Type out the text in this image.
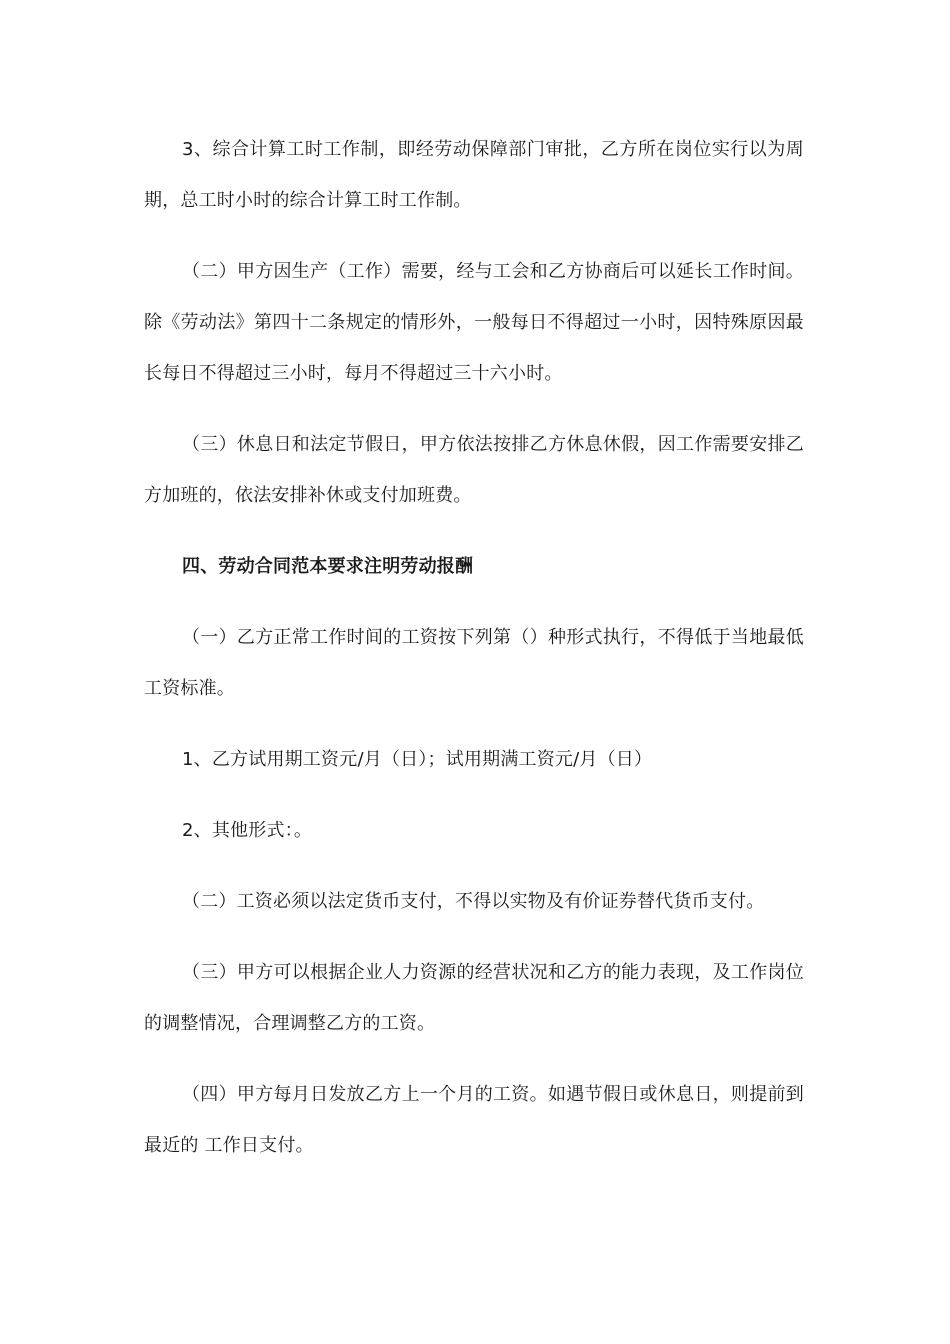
3、综合计算工时工作制，即经劳动保障部门审批，乙方所在岗位实行以为周期，总工时小时的综合计算工时工作制。

（二）甲方因生产（工作）需要，经与工会和乙方协商后可以延长工作时间。除《劳动法》第四十二条规定的情形外，一般每日不得超过一小时，因特殊原因最长每日不得超过三小时，每月不得超过三十六小时。

（三）休息日和法定节假日，甲方依法按排乙方休息休假，因工作需要安排乙方加班的，依法安排补休或支付加班费。

四、劳动合同范本要求注明劳动报酬

（一）乙方正常工作时间的工资按下列第（）种形式执行，不得低于当地最低工资标准。

1、乙方试用期工资元/月（日）；试用期满工资元/月（日）

2、其他形式：。

（二）工资必须以法定货币支付，不得以实物及有价证券替代货币支付。

（三）甲方可以根据企业人力资源的经营状况和乙方的能力表现，及工作岗位的调整情况，合理调整乙方的工资。

（四）甲方每月日发放乙方上一个月的工资。如遇节假日或休息日，则提前到最近的 工作日支付。
